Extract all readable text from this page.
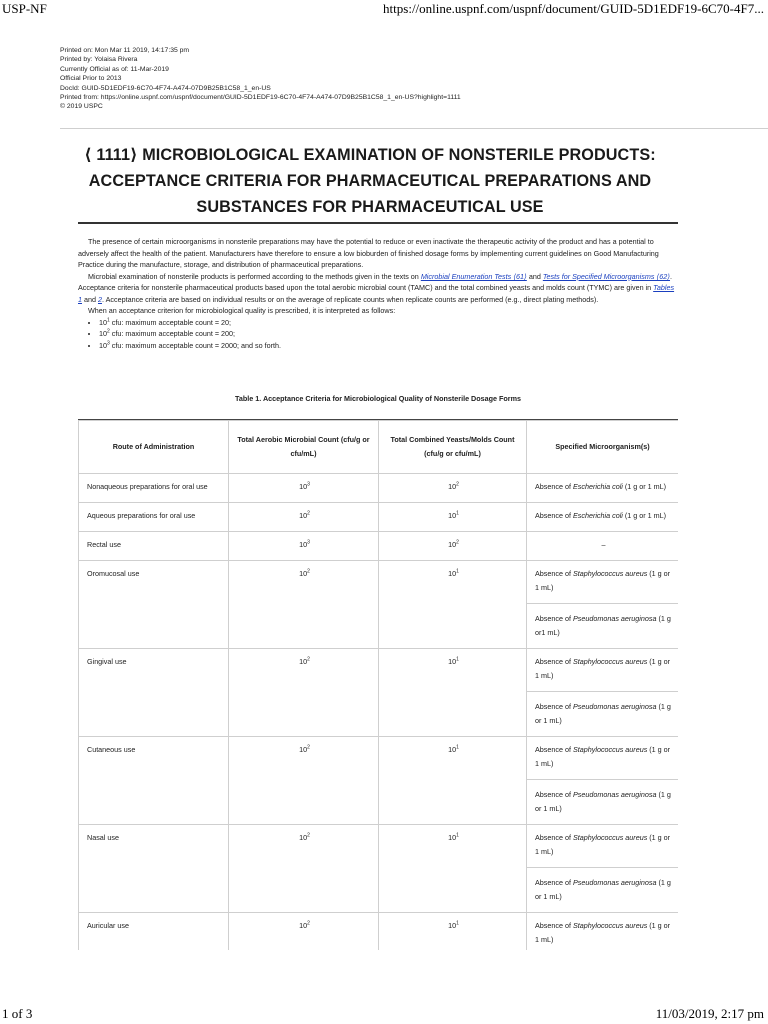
USP-NF	https://online.uspnf.com/uspnf/document/GUID-5D1EDF19-6C70-4F7...
Printed on: Mon Mar 11 2019, 14:17:35 pm
Printed by: Yolaisa Rivera
Currently Official as of: 11-Mar-2019
Official Prior to 2013
DocId: GUID-5D1EDF19-6C70-4F74-A474-07D9B25B1C58_1_en-US
Printed from: https://online.uspnf.com/uspnf/document/GUID-5D1EDF19-6C70-4F74-A474-07D9B25B1C58_1_en-US?highlight=1111
© 2019 USPC
⟨ 1111⟩ MICROBIOLOGICAL EXAMINATION OF NONSTERILE PRODUCTS: ACCEPTANCE CRITERIA FOR PHARMACEUTICAL PREPARATIONS AND SUBSTANCES FOR PHARMACEUTICAL USE

The presence of certain microorganisms in nonsterile preparations may have the potential to reduce or even inactivate the therapeutic activity of the product and has a potential to adversely affect the health of the patient. Manufacturers have therefore to ensure a low bioburden of finished dosage forms by implementing current guidelines on Good Manufacturing Practice during the manufacture, storage, and distribution of pharmaceutical preparations.

Microbial examination of nonsterile products is performed according to the methods given in the texts on Microbial Enumeration Tests ⟨61⟩ and Tests for Specified Microorganisms ⟨62⟩. Acceptance criteria for nonsterile pharmaceutical products based upon the total aerobic microbial count (TAMC) and the total combined yeasts and molds count (TYMC) are given in Tables 1 and 2. Acceptance criteria are based on individual results or on the average of replicate counts when replicate counts are performed (e.g., direct plating methods).

When an acceptance criterion for microbiological quality is prescribed, it is interpreted as follows:

• $10^1$ cfu: maximum acceptable count = 20;
• $10^2$ cfu: maximum acceptable count = 200;
• $10^3$ cfu: maximum acceptable count = 2000; and so forth.
Table 1. Acceptance Criteria for Microbiological Quality of Nonsterile Dosage Forms
Route of Administration	Total Aerobic Microbial Count (cfu/g or cfu/mL)	Total Combined Yeasts/Molds Count (cfu/g or cfu/mL)	Specified Microorganism(s)
Nonaqueous preparations for oral use	$10^3$	$10^2$	Absence of Escherichia coli (1 g or 1 mL)

Aqueous preparations for oral use	$10^2$	$10^1$	Absence of Escherichia coli (1 g or 1 mL)

Rectal use	$10^3$	$10^2$	–
Oromucosal use	$10^2$	$10^1$	Absence of Staphylococcus aureus (1 g or 1 mL)
Absence of Pseudomonas aeruginosa (1 g or1 mL)

Gingival use	$10^2$	$10^1$	Absence of Staphylococcus aureus (1 g or 1 mL)
Absence of Pseudomonas aeruginosa (1 g or 1 mL)

Cutaneous use	$10^2$	$10^1$	Absence of Staphylococcus aureus (1 g or 1 mL)
Absence of Pseudomonas aeruginosa (1 g or 1 mL)

Nasal use	$10^2$	$10^1$	Absence of Staphylococcus aureus (1 g or 1 mL)
Absence of Pseudomonas aeruginosa (1 g or 1 mL)

Auricular use	$10^2$	$10^1$	Absence of Staphylococcus aureus (1 g or 1 mL)
1 of 3	11/03/2019, 2:17 pm
